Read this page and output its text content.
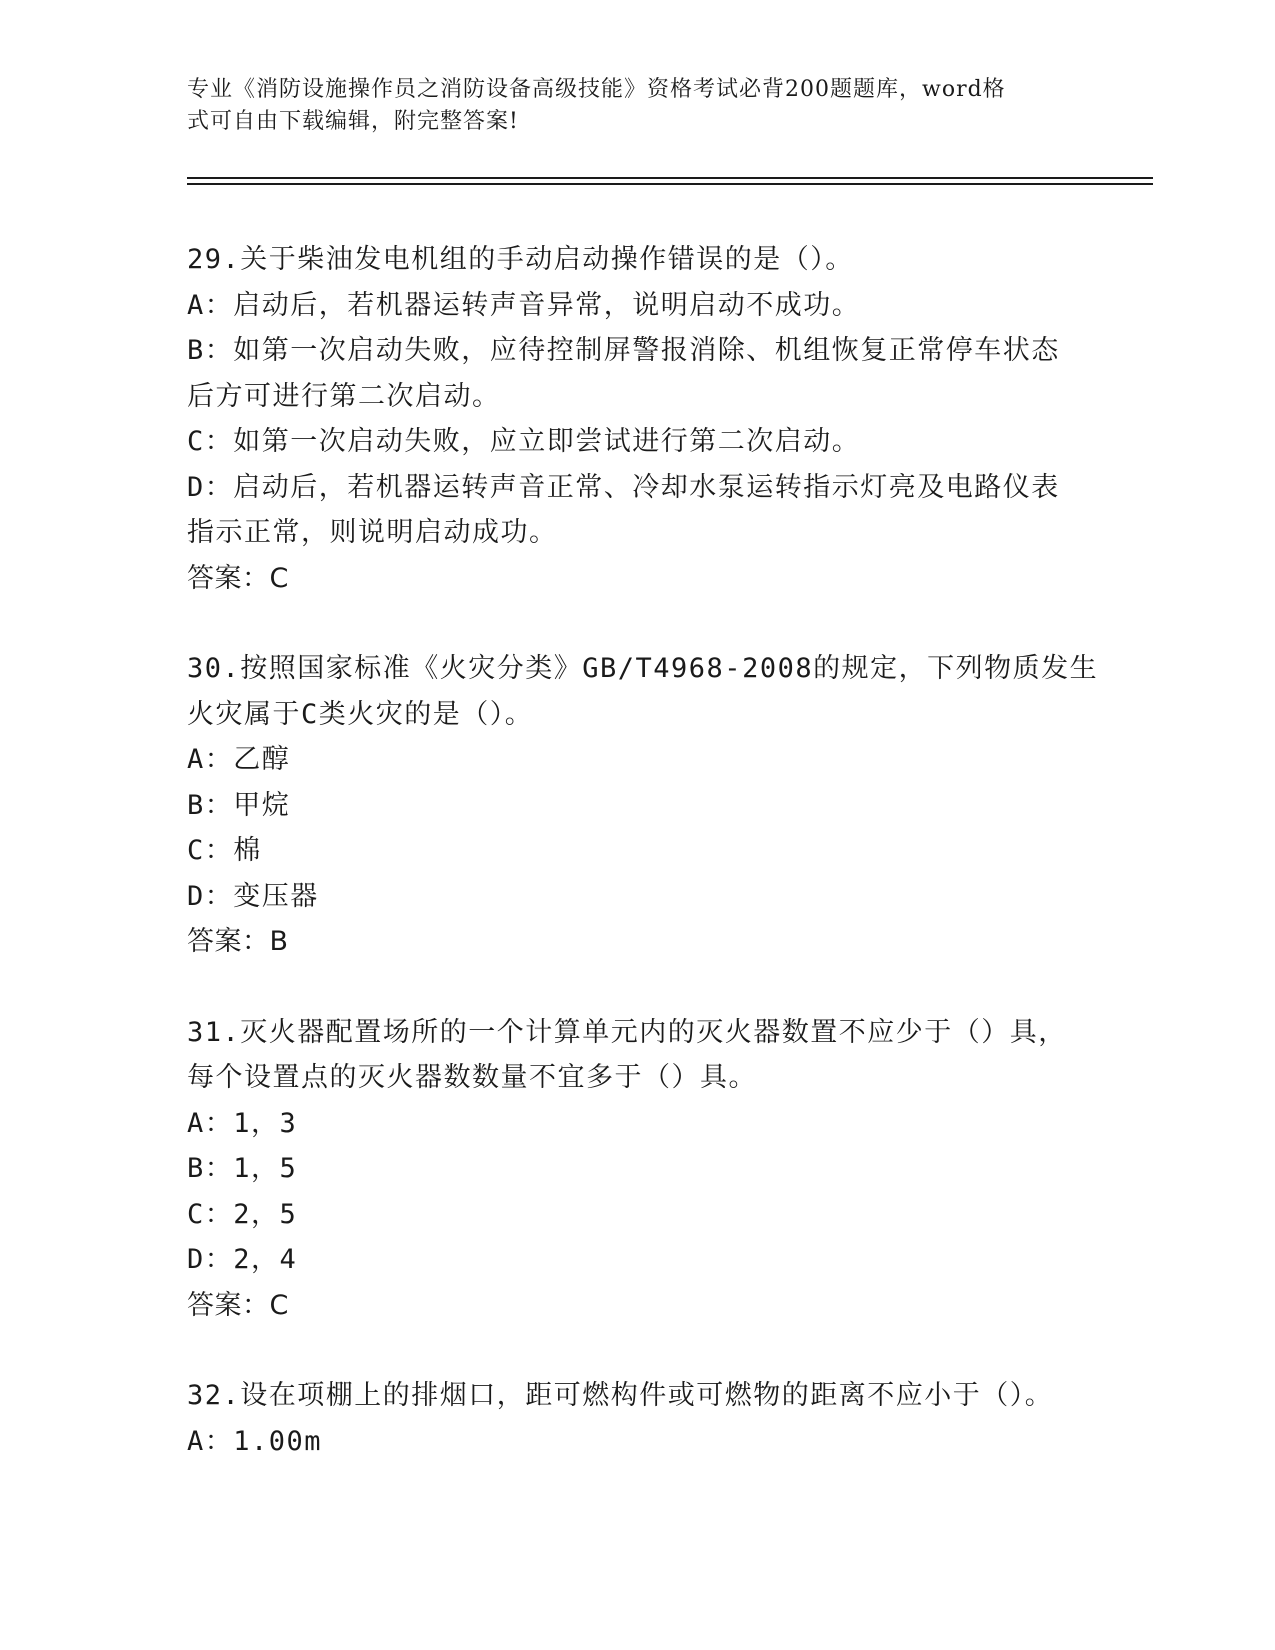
专业《消防设施操作员之消防设备高级技能》资格考试必背200题题库，word格
式可自由下载编辑，附完整答案!

29.关于柴油发电机组的手动启动操作错误的是（）。

A：启动后，若机器运转声音异常，说明启动不成功。

B：如第一次启动失败，应待控制屏警报消除、机组恢复正常停车状态

后方可进行第二次启动。

C：如第一次启动失败，应立即尝试进行第二次启动。

D：启动后，若机器运转声音正常、冷却水泵运转指示灯亮及电路仪表

指示正常，则说明启动成功。

答案：C

30.按照国家标准《火灾分类》GB/T4968-2008的规定，下列物质发生

火灾属于C类火灾的是（）。

A：乙醇

B：甲烷

C：棉

D：变压器

答案：B

31.灭火器配置场所的一个计算单元内的灭火器数置不应少于（）具，

每个设置点的灭火器数数量不宜多于（）具。

A：1，3

B：1，5

C：2，5

D：2，4

答案：C

32.设在项棚上的排烟口，距可燃构件或可燃物的距离不应小于（）。

A：1.00m
